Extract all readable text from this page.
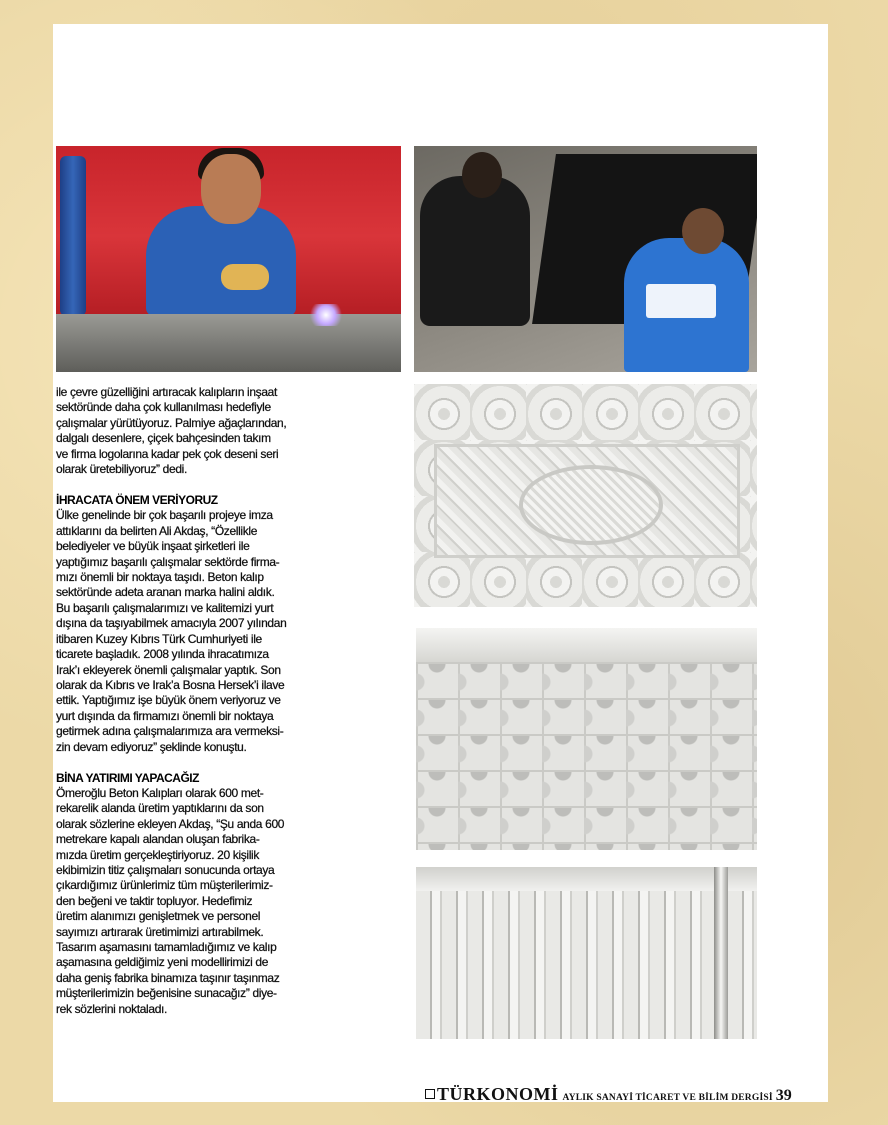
ile çevre güzelliğini artıracak kalıpların inşaat
sektöründe daha çok kullanılması hedefiyle
çalışmalar yürütüyoruz. Palmiye ağaçlarından,
dalgalı desenlere, çiçek bahçesinden takım
ve firma logolarına kadar pek çok deseni seri
olarak üretebiliyoruz” dedi.

İHRACATA ÖNEM VERİYORUZ

Ülke genelinde bir çok başarılı projeye imza
attıklarını da belirten Ali Akdaş, “Özellikle
belediyeler ve büyük inşaat şirketleri ile
yaptığımız başarılı çalışmalar sektörde firma-
mızı önemli bir noktaya taşıdı. Beton kalıp
sektöründe adeta aranan marka halini aldık.
Bu başarılı çalışmalarımızı ve kalitemizi yurt
dışına da taşıyabilmek amacıyla 2007 yılından
itibaren Kuzey Kıbrıs Türk Cumhuriyeti ile
ticarete başladık. 2008 yılında ihracatımıza
Irak’ı ekleyerek önemli çalışmalar yaptık. Son
olarak da Kıbrıs ve Irak’a Bosna Hersek’i ilave
ettik. Yaptığımız işe büyük önem veriyoruz ve
yurt dışında da firmamızı önemli bir noktaya
getirmek adına çalışmalarımıza ara vermeksi-
zin devam ediyoruz” şeklinde konuştu.

BİNA YATIRIMI YAPACAĞIZ

Ömeroğlu Beton Kalıpları olarak 600 met-
rekarelik alanda üretim yaptıklarını da son
olarak sözlerine ekleyen Akdaş, “Şu anda 600
metrekare kapalı alandan oluşan fabrika-
mızda üretim gerçekleştiriyoruz. 20 kişilik
ekibimizin titiz çalışmaları sonucunda ortaya
çıkardığımız ürünlerimiz tüm müşterilerimiz-
den beğeni ve taktir topluyor. Hedefimiz
üretim alanımızı genişletmek ve personel
sayımızı artırarak üretimimizi artırabilmek.
Tasarım aşamasını tamamladığımız ve kalıp
aşamasına geldiğimiz yeni modellirimizi de
daha geniş fabrika binamıza taşınır taşınmaz
müşterilerimizin beğenisine sunacağız” diye-
rek sözlerini noktaladı.

TÜRKONOMİ AYLIK SANAYİ TİCARET VE BİLİM DERGİSİ 39
